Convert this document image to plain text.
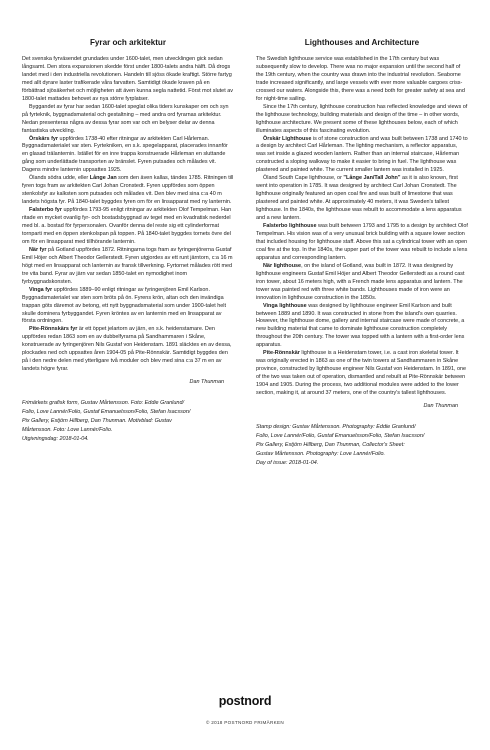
Fyrar och arkitektur

Det svenska fyrväsendet grundades under 1600-talet, men utvecklingen gick sedan långsamt. Den stora expansionen skedde först under 1800-talets andra hälft. Då drogs landet med i den industriella revolutionen. Handeln till sjöss ökade kraftigt. Större fartyg med allt dyrare laster trafikerade våra farvatten. Samtidigt ökade kraven på en förbättrad sjösäkerhet och möjligheten att även kunna segla nattetid. Först mot slutet av 1800-talet mattades behovet av nya större fyrplatser.

Byggandet av fyrar har sedan 1600-talet speglat olika tiders kunskaper om och syn på fyrteknik, byggnadsmaterial och gestaltning – med andra ord fyrarnas arkitektur. Nedan presenteras några av dessa fyrar som var och en belyser delar av denna fantastiska utveckling.

Örskärs fyr uppfördes 1738-40 efter ritningar av arkitekten Carl Hårleman. Byggnadsmaterialet var sten. Fyrtekniken, en s.k. spegelapparat, placerades innanför en glasad trälanternin. Istället för en inre trappa konstruerade Hårleman en sluttande gång som underlättade transporten av bränslet. Fyren putsades och målades vit. Dagens mindre lanternin uppsattes 1925.

Ölands södra udde, eller Långe Jan som den även kallas, tändes 1785. Ritningen till fyren togs fram av arkitekten Carl Johan Cronstedt. Fyren uppfördes som öppen stenkolsfyr av kalksten som putsades och målades vit. Den blev med sina c:a 40 m landets högsta fyr. På 1840-talet byggdes fyren om för en linsapparat med ny lanternin.

Falsterbo fyr uppfördes 1793-95 enligt ritningar av arkitekten Olof Tempelman. Han ritade en mycket ovanlig fyr- och bostadsbyggnad av tegel med en kvadratisk nederdel med bl. a. bostad för fyrpersonalen. Ovanför denna del reste sig ett cylinderformat tornparti med en öppen stenkolspan på toppen. På 1840-talet byggdes tornets övre del om för en linsapparat med tillhörande lanternin.

När fyr på Gotland uppfördes 1872. Ritningarna togs fram av fyringenjörerna Gustaf Emil Höjer och Albert Theodor Gellerstedt. Fyren utgjordes av ett runt järntorn, c:a 16 m högt med en linsapparat och lanternin av fransk tillverkning. Fyrtornet målades rött med tre vita band. Fyrar av järn var sedan 1850-talet en nymodighet inom fyrbyggnadskonsten.

Vinga fyr uppfördes 1889–90 enligt ritningar av fyringenjören Emil Karlson. Byggnadsmaterialet var sten som bröts på ön. Fyrens krön, altan och den invändiga trappan göts däremot av betong, ett nytt byggnadsmaterial som under 1900-talet helt skulle dominera fyrbyggandet. Fyren kröntes av en lanternin med en linsapparat av första ordningen.

Pite-Rönnskärs fyr är ett öppet jelartorn av järn, en s.k. heidenstamare. Den uppfördes redan 1863 som en av dubbelfyrarna på Sandhammaren i Skåne, konstruerade av fyringenjören Nils Gustaf von Heidenstam. 1891 släcktes en av dessa, plockades ned och uppsattes åren 1904-05 på Pite-Rönnskär. Samtidigt byggdes den på i den nedre delen med ytterligare två moduler och blev med sina c:a 37 m en av landets högre fyrar.

Dan Thunman
Frimärkets grafisk form, Gustav Mårtensson. Foto: Eddie Granlund/
Folio, Love Lannér/Folio, Gustaf Emanuelsson/Folio, Stefan Isacsson/
Pix Gallery, Estjörn Hillberg, Dan Thunman. Motivblad: Gustav
Mårtensson. Foto: Love Lannér/Folio.
Utgivningsdag: 2018-01-04.
Lighthouses and Architecture

The Swedish lighthouse service was established in the 17th century but was subsequently slow to develop. There was no major expansion until the second half of the 19th century, when the country was drawn into the industrial revolution. Seaborne trade increased significantly, and large vessels with ever more valuable cargoes criss-crossed our waters. Alongside this, there was a need both for greater safety at sea and for night-time sailing.

Since the 17th century, lighthouse construction has reflected knowledge and views of the lighthouse technology, building materials and design of the time – in other words, lighthouse architecture. We present some of these lighthouses below, each of which illuminates aspects of this fascinating evolution.

Örskär Lighthouse is of stone construction and was built between 1738 and 1740 to a design by architect Carl Hårleman. The lighting mechanism, a reflector apparatus, was set inside a glazed wooden lantern. Rather than an internal staircase, Hårleman constructed a sloping walkway to make it easier to bring in fuel. The lighthouse was plastered and painted white. The current smaller lantern was installed in 1925.

Öland South Cape lighthouse, or "Långe Jan/Tall John" as it is also known, first went into operation in 1785. It was designed by architect Carl Johan Cronstedt. The lighthouse originally featured an open coal fire and was built of limestone that was plastered and painted white. At approximately 40 meters, it was Sweden's tallest lighthouse. In the 1840s, the lighthouse was rebuilt to accommodate a lens apparatus and a new lantern.

Falsterbo lighthouse was built between 1793 and 1795 to a design by architect Olof Tempelman. His vision was of a very unusual brick building with a square lower section that included housing for lighthouse staff. Above this sat a cylindrical tower with an open coal fire at the top. In the 1840s, the upper part of the tower was rebuilt to include a lens apparatus and corresponding lantern.

När lighthouse, on the island of Gotland, was built in 1872. It was designed by lighthouse engineers Gustaf Emil Höjer and Albert Theodor Gellerstedt as a round cast iron tower, about 16 meters high, with a French made lens apparatus and lantern. The tower was painted red with three white bands. Lighthouses made of iron were an innovation in lighthouse construction in the 1850s.

Vinga lighthouse was designed by lighthouse engineer Emil Karlson and built between 1889 and 1890. It was constructed in stone from the island's own quarries. However, the lighthouse dome, gallery and internal staircase were made of concrete, a new building material that came to dominate lighthouse construction completely throughout the 20th century. The tower was topped with a lantern with a first-order lens apparatus.

Pite-Rönnskär lighthouse is a Heidenstam tower, i.e. a cast iron skeletal tower. It was originally erected in 1863 as one of the twin towers at Sandhammaren in Skåne province, constructed by lighthouse engineer Nils Gustaf von Heidenstam. In 1891, one of the two was taken out of operation, dismantled and rebuilt at Pite-Rönnskär between 1904 and 1905. During the process, two additional modules were added to the lower section, making it, at around 37 meters, one of the country's tallest lighthouses.

Dan Thunman
Stamp design: Gustav Mårtensson. Photography: Eddie Granlund/
Folio, Love Lannér/Folio, Gustaf Emanuelsson/Folio, Stefan Isacsson/
Pix Gallery, Estjörn Hillberg, Dan Thunman, Collector's Sheet:
Gustav Mårtensson. Photography: Love Lannér/Folio.
Day of issue: 2018-01-04.
postnord
© 2018 POSTNORD FRIMÄRKEN
